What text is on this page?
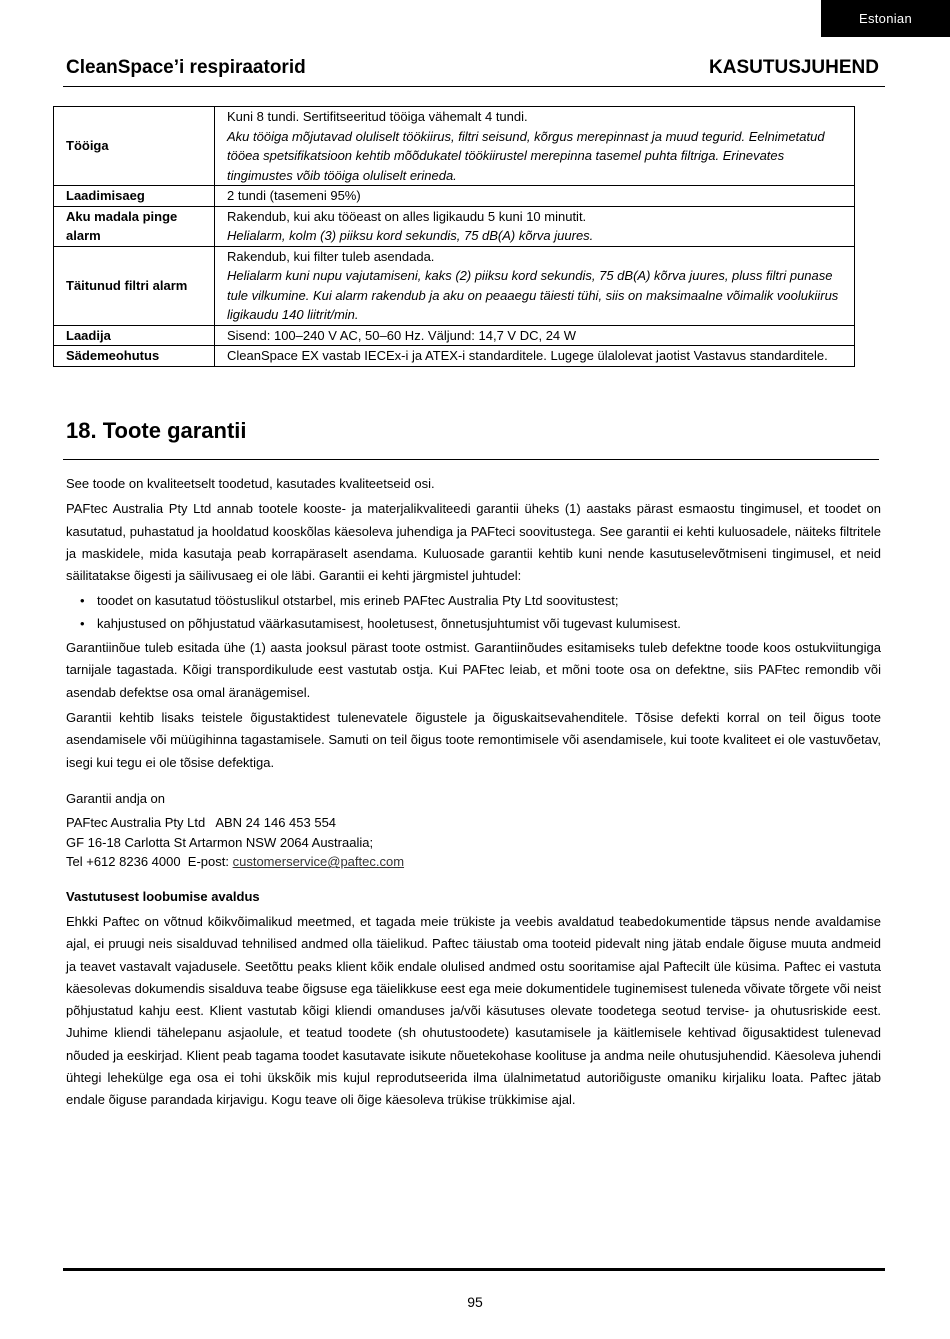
Estonian
CleanSpace’i respiraatorid	KASUTUSJUHEND
Tööiga	Kuni 8 tundi. Sertifitseeritud tööiga vähemalt 4 tundi.
Aku tööiga mõjutavad oluliselt töökiirus, filtri seisund, kõrgus merepinnast ja muud tegurid. Eelnimetatud tööea spetsifikatsioon kehtib mõõdukatel töökiirustel merepinna tasemel puhta filtriga. Erinevates tingimustes võib tööiga oluliselt erineda.

Laadimisaeg	2 tundi (tasemeni 95%)

Aku madala pinge alarm	Rakendub, kui aku tööeast on alles ligikaudu 5 kuni 10 minutit.
Helialarm, kolm (3) piiksu kord sekundis, 75 dB(A) kõrva juures.

Täitunud filtri alarm	Rakendub, kui filter tuleb asendada.
Helialarm kuni nupu vajutamiseni, kaks (2) piiksu kord sekundis, 75 dB(A) kõrva juures, pluss filtri punase tule vilkumine. Kui alarm rakendub ja aku on peaaegu täiesti tühi, siis on maksimaalne võimalik voolukiirus ligikaudu 140 liitrit/min.

Laadija	Sisend: 100–240 V AC, 50–60 Hz. Väljund: 14,7 V DC, 24 W

Sädemeohutus	CleanSpace EX vastab IECEx-i ja ATEX-i standarditele. Lugege ülalolevat jaotist Vastavus standarditele.
18. Toote garantii

See toode on kvaliteetselt toodetud, kasutades kvaliteetseid osi.

PAFtec Australia Pty Ltd annab tootele kooste- ja materjalikvaliteedi garantii üheks (1) aastaks pärast esmaostu tingimusel, et toodet on kasutatud, puhastatud ja hooldatud kooskõlas käesoleva juhendiga ja PAFteci soovitustega. See garantii ei kehti kuluosadele, näiteks filtritele ja maskidele, mida kasutaja peab korrapäraselt asendama. Kuluosade garantii kehtib kuni nende kasutuselevõtmiseni tingimusel, et neid säilitatakse õigesti ja säilivusaeg ei ole läbi. Garantii ei kehti järgmistel juhtudel:

• toodet on kasutatud tööstuslikul otstarbel, mis erineb PAFtec Australia Pty Ltd soovitustest;
• kahjustused on põhjustatud väärkasutamisest, hooletusest, õnnetusjuhtumist või tugevast kulumisest.

Garantiinõue tuleb esitada ühe (1) aasta jooksul pärast toote ostmist. Garantiinõudes esitamiseks tuleb defektne toode koos ostukviitungiga tarnijale tagastada. Kõigi transpordikulude eest vastutab ostja. Kui PAFtec leiab, et mõni toote osa on defektne, siis PAFtec remondib või asendab defektse osa omal äranägemisel.

Garantii kehtib lisaks teistele õigustaktidest tulenevatele õigustele ja õiguskaitsevahenditele. Tõsise defekti korral on teil õigus toote asendamisele või müügihinna tagastamisele. Samuti on teil õigus toote remontimisele või asendamisele, kui toote kvaliteet ei ole vastuvõetav, isegi kui tegu ei ole tõsise defektiga.

Garantii andja on

PAFtec Australia Pty Ltd   ABN 24 146 453 554

GF 16-18 Carlotta St Artarmon NSW 2064 Austraalia;

Tel +612 8236 4000  E-post: customerservice@paftec.com

Vastutusest loobumise avaldus

Ehkki Paftec on võtnud kõikvõimalikud meetmed, et tagada meie trükiste ja veebis avaldatud teabedokumentide täpsus nende avaldamise ajal, ei pruugi neis sisalduvad tehnilised andmed olla täielikud. Paftec täiustab oma tooteid pidevalt ning jätab endale õiguse muuta andmeid ja teavet vastavalt vajadusele. Seetõttu peaks klient kõik endale olulised andmed ostu sooritamise ajal Paftecilt üle küsima. Paftec ei vastuta käesolevas dokumendis sisalduva teabe õigsuse ega täielikkuse eest ega meie dokumentidele tuginemisest tuleneda võivate tõrgete või neist põhjustatud kahju eest. Klient vastutab kõigi kliendi omanduses ja/või käsutuses olevate toodetega seotud tervise- ja ohutusriskide eest. Juhime kliendi tähelepanu asjaolule, et teatud toodete (sh ohutustoodete) kasutamisele ja käitlemisele kehtivad õigusaktidest tulenevad nõuded ja eeskirjad. Klient peab tagama toodet kasutavate isikute nõuetekohase koolituse ja andma neile ohutusjuhendid. Käesoleva juhendi ühtegi lehekülge ega osa ei tohi ükskõik mis kujul reprodutseerida ilma ülalnimetatud autoriõiguste omaniku kirjaliku loata. Paftec jätab endale õiguse parandada kirjavigu. Kogu teave oli õige käesoleva trükise trükkimise ajal.

95
